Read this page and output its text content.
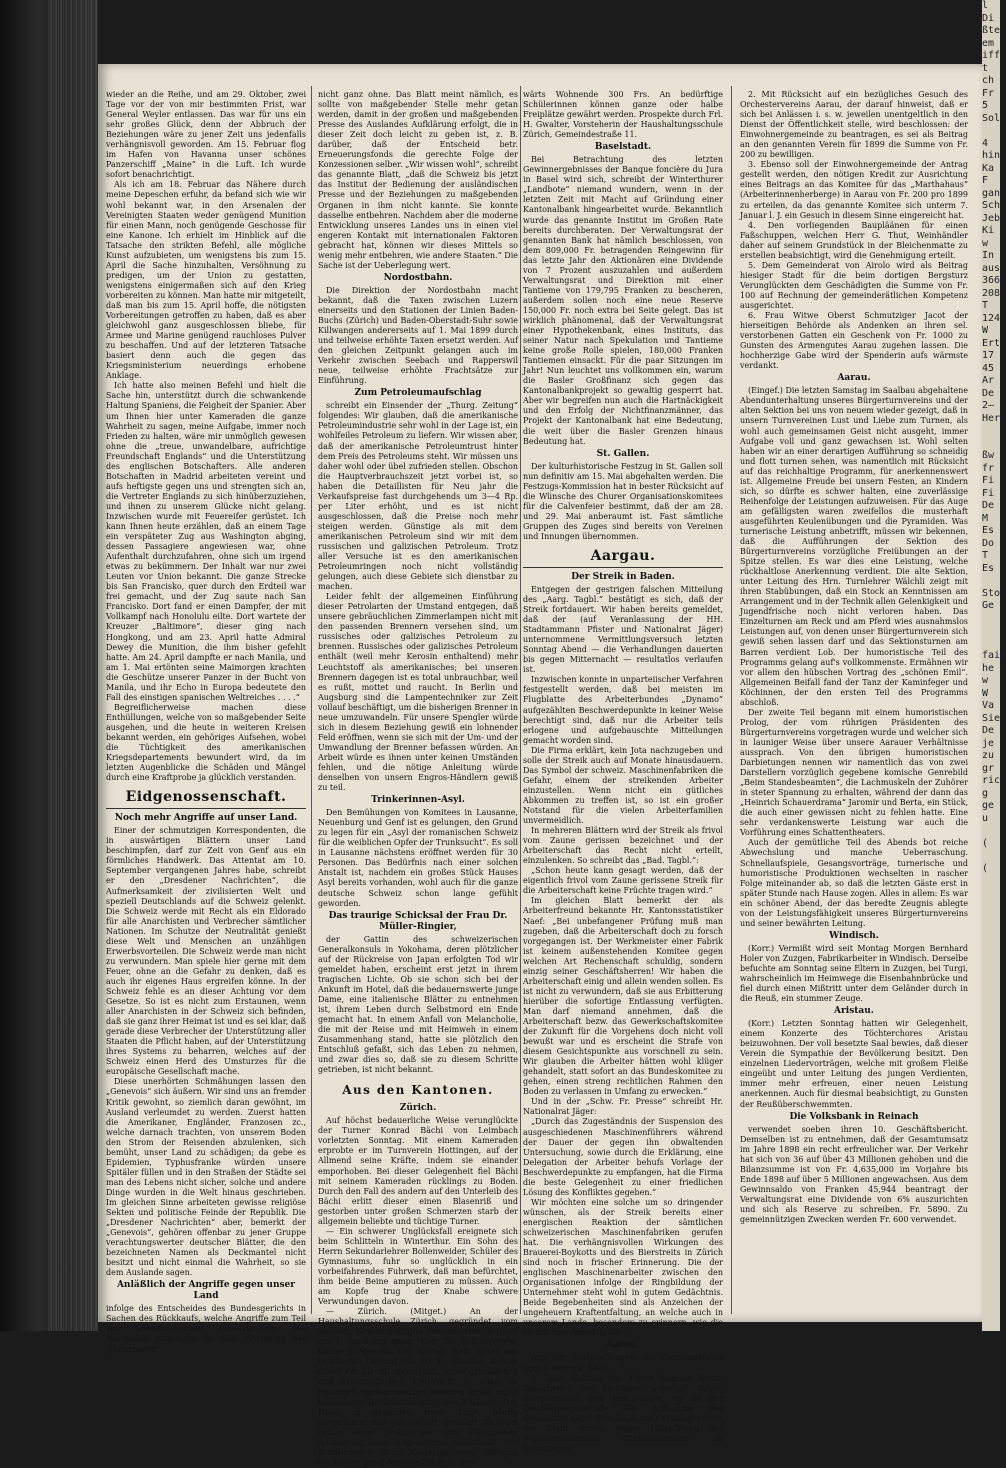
wieder an die Reihe, und am 29. Oktober, zwei Tage vor der von mir bestimmten Frist, war General Weyler entlassen. Das war für uns ein sehr großes Glück, denn der Abbruch der Beziehungen wäre zu jener Zeit uns jedenfalls verhängnisvoll geworden. Am 15. Februar flog im Hafen von Havanna unser schönes Panzerschiff „Maine“ in die Luft. Ich wurde sofort benachrichtigt.

Als ich am 18. Februar das Nähere durch meine Depeschen erfuhr, da befand sich wie wir wohl bekannt war, in den Arsenalen der Vereinigten Staaten weder genügend Munition für einen Mann, noch genügende Geschosse für eine Kanone. Ich erhielt im Hinblick auf die Tatsache den strikten Befehl, alle mögliche Kunst aufzubieten, um wenigstens bis zum 15. April die Sache hinzuhalten, Versöhnung zu predigen, um der Union zu gestatten, wenigstens einigermaßen sich auf den Krieg vorbereiten zu können. Man hatte mir mitgeteilt, daß man bis zum 15. April hoffe, die nötigsten Vorbereitungen getroffen zu haben, daß es aber gleichwohl ganz ausgeschlossen bliebe, für Armee und Marine genügend rauchloses Pulver zu beschaffen. Und auf der letzteren Tatsache basiert denn auch die gegen das Kriegsministerium neuerdings erhobene Anklage.

Ich hatte also meinen Befehl und hielt die Sache hin, unterstützt durch die schwankende Haltung Spaniens, die Feigheit der Spanier. Aber um Ihnen hier unter Kameraden die ganze Wahrheit zu sagen, meine Aufgabe, immer noch Frieden zu halten, wäre mir unmöglich gewesen ohne die „treue, unwandelbare, aufrichtige Freundschaft Englands“ und die Unterstützung des englischen Botschafters. Alle anderen Botschaften in Madrid arbeiteten vereint und aufs heftigste gegen uns und strengten sich an, die Vertreter Englands zu sich hinüberzuziehen, und ihnen zu unserem Glücke nicht gelang. Inzwischen wurde mit Feuereifer gerüstet. Ich kann Ihnen heute erzählen, daß an einem Tage ein verspäteter Zug aus Washington abging, dessen Passagiere angewiesen war, ohne Aufenthalt durchzufahren, ohne sich um irgend etwas zu bekümmern. Der Inhalt war nur zwei Leuten vor Union bekannt. Die ganze Strecke bis San Francisko, quer durch den Erdteil war frei gemacht, und der Zug saute nach San Francisko. Dort fand er einen Dampfer, der mit Vollkampf nach Honolulu eilte. Dort wartete der Kreuzer „Baltimore“, dieser ging nach Hongkong, und am 23. April hatte Admiral Dewey die Munition, die ihm bisher gefehlt hatte. Am 24. April dampfte er nach Manila, und am 1. Mai ertönten seine Maimorgen krachten die Geschütze unserer Panzer in der Bucht von Manila, und ihr Echo in Europa bedeutete den Fall des einstigen spanischen Weltreiches . . . .“

Begreiflicherweise machen diese Enthüllungen, welche von so maßgebender Seite ausgehen, und die heute in weiteren Kreisen bekannt werden, ein gehöriges Aufsehen, wobei die Tüchtigkeit des amerikanischen Kriegsdepartements bewundert wird, da im letzten Augenblicke die Schäden und Mängel durch eine Kraftprobe ja glücklich verstanden.

Eidgenossenschaft.
Noch mehr Angriffe auf unser Land.

Einer der schmutzigen Korrespondenten, die in auswärtigen Blättern unser Land beschimpfen, darf zur Zeit von Genf aus ein förmliches Handwerk. Das Attentat am 10. September vergangenen Jahres habe, schreibt er den „Dresdener Nachrichten“, die Aufmerksamkeit der zivilisierten Welt und speziell Deutschlands auf die Schweiz gelenkt. Die Schweiz werde mit Recht als ein Eldorado für alle Anarchisten und Verbrecher sämtlicher Nationen. Im Schutze der Neutralität genießt diese Welt und Menschen an unzähligen Erwerbsvorteilen. Die Schweiz werde man nicht zu verwundern. Man spiele hier gerne mit dem Feuer, ohne an die Gefahr zu denken, daß es auch ihr eigenes Haus ergreifen könne. In der Schweiz fehle es an dieser Achtung vor dem Gesetze. So ist es nicht zum Erstaunen, wenn aller Anarchisten in der Schweiz sich befinden, daß sie ganz ihrer Heimat ist und es sei klar, daß gerade diese Verbrecher der Unterstützung aller Staaten die Pflicht haben, auf der Unterstützung ihres Systems zu beharren, welches auf der Schweiz einen Herd des Umsturzes für die europäische Gesellschaft mache.

Diese unerhörten Schmähungen lassen den „Genevois“ sich äußern. Wir sind uns an fremder Kritik gewohnt, so ziemlich daran gewöhnt, im Ausland verleumdet zu werden. Zuerst hatten die Amerikaner, Engländer, Franzosen zc., welche darnach trachten, von unserem Boden den Strom der Reisenden abzulenken, sich bemüht, unser Land zu schädigen; da gebe es Epidemien, Typhusfranke würden unsere Spitäler füllen und in den Straßen der Städte sei man des Lebens nicht sicher, solche und andere Dinge wurden in die Welt hinaus geschrieben. Im gleichen Sinne arbeiteten gewisse religiöse Sekten und politische Feinde der Republik. Die „Dresdener Nachrichten“ aber, bemerkt der „Genevois“, gehören offenbar zu jener Gruppe verachtungswerter deutscher Blätter, die den bezeichneten Namen als Deckmantel nicht besitzt und nicht einmal die Wahrheit, so sie dem Auslande sagen.

Anläßlich der Angriffe gegen unser Land

infolge des Entscheides des Bundesgerichts in Sachen des Rückkaufs, welche Angriffe zum Teil von schweizerischen Finanzkreisen des Auslandes ausgingen, ist eine Anregung der „Ostschweiz“

nicht ganz ohne. Das Blatt meint nämlich, es sollte von maßgebender Stelle mehr getan werden, damit in der großen und maßgebenden Presse des Auslandes Aufklärung erfolgt, die in dieser Zeit doch leicht zu geben ist, z. B. darüber, daß der Entscheid betr. Erneuerungsfonds die gerechte Folge der Konzessionen selber. „Wir wissen wohl“, schreibt das genannte Blatt, „daß die Schweiz bis jetzt das Institut der Bedienung der ausländischen Presse und der Beziehungen zu maßgebenden Organen in ihm nicht kannte. Sie konnte dasselbe entbehren. Nachdem aber die moderne Entwicklung unseres Landes uns in einen viel engeren Kontakt mit internationalen Faktoren gebracht hat, können wir dieses Mittels so wenig mehr entbehren, wie andere Staaten.“ Die Sache ist der Ueberlegung wert.

Nordostbahn.

Die Direktion der Nordostbahn macht bekannt, daß die Taxen zwischen Luzern einerseits und den Stationen der Linien Baden-Buchs (Zürich) und Baden-Oberstadt-Suhr sowie Killwangen andererseits auf 1. Mai 1899 durch und teilweise erhöhte Taxen ersetzt werden. Auf den gleichen Zeitpunkt gelangen auch im Verkehr zwischen Seebach und Rapperswil neue, teilweise erhöhte Frachtsätze zur Einführung.

Zum Petroleumaufschlag

schreibt ein Einsender der „Thurg. Zeitung“ folgendes: Wir glauben, daß die amerikanische Petroleumindustrie sehr wohl in der Lage ist, ein wohlfeiles Petroleum zu liefern. Wir wissen aber, daß der amerikanische Petroleumtrust hinter dem Preis des Petroleums steht. Wir müssen uns daher wohl oder übel zufrieden stellen. Obschon die Hauptverbrauchszeit jetzt vorbei ist, so haben die Detaillisten für Neu jahr die Verkaufspreise fast durchgehends um 3—4 Rp. per Liter erhöht, und es ist nicht ausgeschlossen, daß die Preise noch mehr steigen werden. Günstige als mit dem amerikanischen Petroleum sind wir mit dem russischen und galizischen Petroleum. Trotz aller Versuche ist es den amerikanischen Petroleumringen noch nicht vollständig gelungen, auch diese Gebiete sich dienstbar zu machen.

Leider fehlt der allgemeinen Einführung dieser Petrolarten der Umstand entgegen, daß unsere gebräuchlichen Zimmerlampen nicht mit den passenden Brennern versehen sind, um russisches oder galizisches Petroleum zu brennen. Russisches oder galizisches Petroleum enthält (weil mehr Kerosin enthaltend) mehr Leuchtstoff als amerikanisches; bei unseren Brennern dagegen ist es total unbrauchbar, weil es rußt, mottet und raucht. In Berlin und Augsburg sind die Lampentechniker zur Zeit vollauf beschäftigt, um die bisherigen Brenner in neue umzuwandeln. Für unsere Spengler würde sich in diesem Beziehung gewiß ein lohnender Feld eröffnen, wenn sie sich mit der Um- und der Umwandlung der Brenner befassen würden. An Arbeit würde es ihnen unter keinen Umständen fehlen, und die nötige Anleitung würde denselben von unsern Engros-Händlern gewiß zu teil.

Trinkerinnen-Asyl.

Den Bemühungen von Komitees in Lausanne, Neuenburg und Genf ist es gelungen, den Grund zu legen für ein „Asyl der romanischen Schweiz für die weiblichen Opfer der Trunksucht“. Es soll in Lausanne nächstens eröffnet werden für 30 Personen. Das Bedürfnis nach einer solchen Anstalt ist, nachdem ein großes Stück Hauses Asyl bereits vorhanden, wohl auch für die ganze deutsche Schweiz schon lange gefühlt geworden.

Das traurige Schicksal der Frau Dr. Müller-Ringier,

der Gattin des schweizerischen Generalkonsuls in Yokohama, deren plötzlicher auf der Rückreise von Japan erfolgten Tod wir gemeldet haben, erscheint erst jetzt in ihrem tragischen Lichte. Ob sie schon sich bei der Ankunft im Hotel, daß die bedauernswerte junge Dame, eine italienische Blätter zu entnehmen ist, ihrem Leben durch Selbstmord ein Ende gemacht hat. In einem Anfall von Melancholie, die mit der Reise und mit Heimweh in einem Zusammenhang stand, hatte sie plötzlich den Entschluß gefaßt, sich das Leben zu nehmen, und zwar dies so, daß sie zu diesem Schritte getrieben, ist nicht bekannt.

Aus den Kantonen.
Zürich.

Auf höchst bedauerliche Weise verunglückte der Turner Konrad Bächi von Leimbach vorletzten Sonntag. Mit einem Kameraden erprobte er im Turnverein Hottingen, auf der Allmend seine Kräfte, indem sie einander emporhoben. Bei dieser Gelegenheit fiel Bächi mit seinem Kameraden rücklings zu Boden. Durch den Fall des andern auf den Unterleib des Bächi erlitt dieser einen Blasenriß und gestorben unter großen Schmerzen starb der allgemein beliebte und tüchtige Turner.

— Ein schwerer Unglücksfall ereignete sich beim Schlitteln in Winterthur. Ein Sohn des Herrn Sekundarlehrer Bollenweider, Schüler des Gymnasiums, fuhr so unglücklich in ein vorbeifahrendes Fuhrwerk, daß man befürchtet, ihm beide Beine amputieren zu müssen. Auch am Kopfe trug der Knabe schwere Verwundungen davon.

— Zürich. (Mitget.) An der Haushaltungsschule Zürich, gegründet vom schweiz. Gemeinnützigen Frauenverein, beginnt am 4. April ein neuer Kurs für Schülerinnen. Dauer 5 Monate. Die Anstalt steht unter der bewährten Leitung von Frl. H. Gwalter, welche durch Frl. Liechti unterstützt, einen gründlichen und systematischen Unterricht in allen im Haushalte vorkommenden Arbeiten erteilt unter besonderer Berücksichtigung des Kochens. Das Haus, in gesunder, freier Lage, häufig eingerichtet und gut geführt, gewährt Töchtern neben einer praktischen und allgemeinen Ausbildung einen angenehmen Aufenthalt. Für Schülerinnen Zürich Niedergelassene betragen die Kosten pro 5 Monate 250 Frs., aus

wärts Wohnende 300 Frs. An bedürftige Schülerinnen können ganze oder halbe Freiplätze gewährt werden. Prospekte durch Frl. H. Gwalter, Vorsteherin der Haushaltungsschule Zürich, Gemeindestraße 11.

Baselstadt.

Bei Betrachtung des letzten Gewinnergebnisses der Banque foncière du Jura in Basel wird sich, schreibt der Winterthurer „Landbote“ niemand wundern, wenn in der letzten Zeit mit Macht auf Gründung einer Kantonalbank hingearbeitet wurde. Bekanntlich wurde das genannte Institut im Großen Rate bereits durchberaten. Der Verwaltungsrat der genannten Bank hat nämlich beschlossen, von dem 809,000 Fr. betragenden Reingewinn für das letzte Jahr den Aktionären eine Dividende von 7 Prozent auszuzahlen und außerdem Verwaltungsrat und Direktion mit einer Tantieme von 179,795 Franken zu bescheren, außerdem sollen noch eine neue Reserve 150,000 Fr. noch extra bei Seite gelegt. Das ist wirklich phänomenal, daß der Verwaltungsrat einer Hypothekenbank, eines Instituts, das seiner Natur nach Spekulation und Tantieme keine große Rolle spielen, 180,000 Franken Tantiemen einsackt. Für die paar Sitzungen im Jahr! Nun leuchtet uns vollkommen ein, warum die Basler Großfinanz sich gegen das Kantonalbankprojekt so gewaltig gesperrt hat. Aber wir begreifen nun auch die Hartnäckigkeit und den Erfolg der Nichtfinanzmänner, das Projekt der Kantonalbank hat eine Bedeutung, die weit über die Basler Grenzen hinaus Bedeutung hat.

St. Gallen.

Der kulturhistorische Festzug in St. Gallen soll nun definitiv am 15. Mai abgehalten werden. Die Festzugs-Kommission hat in bester Rücksicht auf die Wünsche des Churer Organisationskomitees für die Calvenfeier bestimmt, daß der am 28. und 29. Mai anberaumt ist. Fast sämtliche Gruppen des Zuges sind bereits von Vereinen und Innungen übernommen.

Aargau.
Der Streik in Baden.

Entgegen der gestrigen falschen Mitteilung des „Aarg. Tagbl.“ bestätigt es sich, daß der Streik fortdauert. Wir haben bereits gemeldet, daß der (auf Veranlassung der HH. Stadtammann Pfister und Nationalrat Jäger) unternommene Vermittlungsversuch letzten Sonntag Abend — die Verhandlungen dauerten bis gegen Mitternacht — resultatlos verlaufen ist.

Inzwischen konnte in unparteiischer Verfahren festgestellt werden, daß bei meisten im Flugblatte des Arbeiterbundes „Dynamo“ aufgezählten Beschwerdepunkte in keiner Weise berechtigt sind, daß nur die Arbeiter teils erlogene und aufgebauschte Mitteilungen gemacht worden sind.

Die Firma erklärt, kein Jota nachzugeben und solle der Streik auch auf Monate hinausdauern. Das Symbol der schweiz. Maschinenfabriken die Gefahr, einem der streikenden Arbeiter einzustellen. Wenn nicht ein gütliches Abkommen zu treffen ist, so ist ein großer Notstand für die vielen Arbeiterfamilien unvermeidlich.

In mehreren Blättern wird der Streik als frivol vom Zaune gerissen bezeichnet und der Arbeiterschaft das Recht nicht erteilt, einzulenken. So schreibt das „Bad. Tagbl.“:

„Schon heute kann gesagt werden, daß der eigentlich frivol vom Zaune gerissene Streik für die Arbeiterschaft keine Früchte tragen wird.“

Im gleichen Blatt bemerkt der als Arbeiterfreund bekannte Hr. Kantonsstatistiker Naef: „Bei unbefangener Prüfung muß man zugeben, daß die Arbeiterschaft doch zu forsch vorgegangen ist. Der Werkmeister einer Fabrik ist keinem außenstehenden Komitee gegen welchen Art Rechenschaft schuldig, sondern einzig seiner Geschäftsherren! Wir haben die Arbeiterschaft einig und allein wenden sollen. Es ist nicht zu verwundern, daß sie aus Erbitterung hierüber die sofortige Entlassung verfügten. Man darf niemand annehmen, daß die Arbeiterschaft bezw. das Gewerkschaftskomitee der Zukunft für die Vorgehens doch nicht voll bewußt war und es erscheint die Strafe von diesem Gesichtspunkte aus vorschnell zu sein. Wir glauben die Arbeiter hätten wohl klüger gehandelt, statt sofort an das Bundeskomitee zu gehen, einen streng rechtlichen Rahmen den Boden zu verlassen in Umfang zu erwecken.“

Und in der „Schw. Fr. Presse“ schreibt Hr. Nationalrat Jäger:

„Durch das Zugeständnis der Suspension des ausgeschiedenen Maschinenführers während der Dauer der gegen ihn obwaltenden Untersuchung, sowie durch die Erklärung, eine Delegation der Arbeiter behufs Vorlage der Beschwerdepunkte zu empfangen, hat die Firma die beste Gelegenheit zu einer friedlichen Lösung des Konfliktes gegeben.“

Wir möchten eine solche um so dringender wünschen, als der Streik bereits einer energischen Reaktion der sämtlichen schweizerischen Maschinenfabriken gerufen hat. Die verhängnisvollen Wirkungen des Brauerei-Boykotts und des Bierstreits in Zürich sind noch in frischer Erinnerung. Die der englischen Maschinenarbeiter zwischen den Organisationen infolge der Ringbildung der Unternehmer steht wohl in gutem Gedächtnis. Beide Begebenheiten sind als Anzeichen der ungeheuern Kraftentfaltung, an welche auch in unserem Lande, besonders zu erinnern, wie die kleinlichen Arbeitskräfte...

Aarau.

Aus den Verhandlungen des Gemeinderates vom 3. Februar 1899.

1. Dem Gesuch des Herrn Samuel Ernst, Gasarbeiter von Holziken, wohnhaft daher, entsprechend wird beschlossen, es sei der Ortsbürgergemeinde die Aufnahme des Genannten nebst Familie in das Ortsbürgerrecht der Stadt Aarau, gegen Entrichtung der reglementarischen Einkaufssumme zu beantragen.

2. Mit Rücksicht auf ein bezügliches Gesuch des Orchestervereins Aarau, der darauf hinweist, daß er sich bei Anlässen i. s. w. jeweilen unentgeltlich in den Dienst der Öffentlichkeit stelle, wird beschlossen: der Einwohnergemeinde zu beantragen, es sei als Beitrag an den genannten Verein für 1899 die Summe von Fr. 200 zu bewilligen.

3. Ebenso soll der Einwohnergemeinde der Antrag gestellt werden, den nötigen Kredit zur Ausrichtung eines Beitrags an das Komitee für das „Marthahaus“ (Arbeiterinnenherberge) in Aarau von Fr. 200 pro 1899 zu erteilen, da das genannte Komitee sich unterm 7. Januar l. J. ein Gesuch in diesem Sinne eingereicht hat.

4. Den vorliegenden Baupläänen für einen Faßschuppen, welchen Herr G. Thut, Weinhändler daher auf seinem Grundstück in der Bleichenmatte zu erstellen beabsichtigt, wird die Genehmigung erteilt.

5. Dem Gemeinderat von Airolo wird als Beitrag hiesiger Stadt für die beim dortigen Bergsturz Verunglückten dem Geschädigten die Summe von Fr. 100 auf Rechnung der gemeinderätlichen Kompetenz ausgerichtet.

6. Frau Witwe Oberst Schmutziger Jacot der hierseitigen Behörde als Andenken an ihren sel. verstorbenen Gatten ein Geschenk von Fr. 1000 zu Gunsten des Armengutes Aarau zugehen lassen. Die hochherzige Gabe wird der Spenderin aufs wärmste verdankt.

Aarau.

(Eingef.) Die letzten Samstag im Saalbau abgehaltene Abendunterhaltung unseres Bürgerturnvereins und der alten Sektion bei uns von neuem wieder gezeigt, daß in unsern Turnvereinen Lust und Liebe zum Turnen, als wohl auch gemeinsamen Geist nicht ausgeht, immer Aufgabe voll und ganz gewachsen ist. Wohl selten haben wir an einer derartigen Aufführung so schneidig und flott turnen sehen, was namentlich mit Rücksicht auf das reichhaltige Programm, für anerkennenswert ist. Allgemeine Freude bei unsern Festen, an Kindern sich, so dürfte es schwer halten, eine zuverlässige Reihenfolge der Leistungen aufzuweisen. Für das Auge am gefälligsten waren zweifellos die musterhaft ausgeführten Keulenübungen und die Pyramiden. Was turnerische Leistung anbetrifft, müssen wir bekennen, daß die Aufführungen der Sektion des Bürgerturnvereins vorzügliche Freiübungen an der Spitze stellen. Es war dies eine Leistung, welche rückhaltlose Anerkennung verdient. Die alte Sektion, unter Leitung des Hrn. Turnlehrer Wälchli zeigt mit ihren Stabübungen, daß ein Stock an Kenntnissen am Arrangement und in der Technik allen Gelenkigkeit und Jugendfrische noch nicht verloren haben. Das Einzelturnen am Reck und am Pferd wies ausnahmslos Leistungen auf, von denen unser Bürgerturnverein sich gewiß sehen lassen darf und das Sektionsturnen am Barren verdient Lob. Der humoristische Teil des Programms gelang auf's vollkommenste. Ermähnen wir vor allem den hübschen Vortrag des „schönen Emil“. Allgemeinen Beifall fand der Tanz der Kaminfeger und Köchinnen, der den ersten Teil des Programms abschloß.

Der zweite Teil begann mit einem humoristischen Prolog, der vom rührigen Präsidenten des Bürgerturnvereins vorgetragen wurde und welcher sich in launiger Weise über unsere Aarauer Verhältnisse aussprach. Von den übrigen humoristischen Darbietungen nennen wir namentlich das von zwei Darstellern vorzüglich gegebene komische Genrebild „Beim Standesbeamten“, die Lachmuskeln der Zuhörer in steter Spannung zu erhalten, während der dann das „Heinrich Schauerdrama“ Jaromir und Berta, ein Stück, die auch einer gewissen nicht zu fehlen hatte. Eine sehr verdankenswerte Leistung war auch die Vorführung eines Schattentheaters.

Auch der gemütliche Teil des Abends bot reiche Abwechslung und manche Ueberraschung. Schnellaufspiele, Gesangsvorträge, turnerische und humoristische Produktionen wechselten in rascher Folge miteinander ab, so daß die letzten Gäste erst in später Stunde nach Hause zogen. Alles in allem: Es war ein schöner Abend, der das beredte Zeugnis ablegte von der Leistungsfähigkeit unseres Bürgerturnvereins und seiner bewährten Leitung.

Windisch.

(Korr.) Vermißt wird seit Montag Morgen Bernhard Holer von Zuzgen, Fabrikarbeiter in Windisch. Derselbe befuchte am Sonntag seine Eltern in Zuzgen, bei Turgi, wahrscheinlich im Heimwege die Eisenbahnbrücke und fiel durch einen Mißtritt unter dem Geländer durch in die Reuß, ein stummer Zeuge.

Aristau.

(Korr.) Letzten Sonntag hatten wir Gelegenheit, einem Konzerte des Töchterchores Aristau beizuwohnen. Der voll besetzte Saal bewies, daß dieser Verein die Sympathie der Bevölkerung besitzt. Den einzelnen Liedervorträgen, welche mit großem Fleiße eingeübt und unter Leitung des jungen Verdienten, immer mehr erfreuen, einer neuen Leistung anerkennen. Auch für diesmal beabsichtigt, zu Gunsten der Reußüberschwemmten.

Die Volksbank in Reinach

verwendet soeben ihren 10. Geschäftsbericht. Demselben ist zu entnehmen, daß der Gesamtumsatz im Jahre 1898 ein recht erfreulicher war. Der Verkehr hat sich von 36 auf über 43 Millionen gehoben und die Bilanzsumme ist von Fr. 4,635,000 im Vorjahre bis Ende 1898 auf über 5 Millionen angewachsen. Aus dem Gewinnsaldo von Franken 45,944 beantragt der Verwaltungsrat eine Dividende von 6% auszurichten und sich als Reserve zu schreiben. Fr. 5890. Zu gemeinnützigen Zwecken werden Fr. 600 verwendet.

l
Di
ßte
em
iff
t
ch
Fr
5
Sol

4
hin
Ka
F
gan
Sch
Jeb
Ki
w
In
aus
366.
208
T
124
W
Ert
17
45
Ar
De
2—
Her

ßw
fr
Fi
Fi
De
M
Es
Do
T
Es

Sto
Ge

fais
he
w
W
Va
Sie
De
je
zu
gr
ric
g
ge
u

(

(
